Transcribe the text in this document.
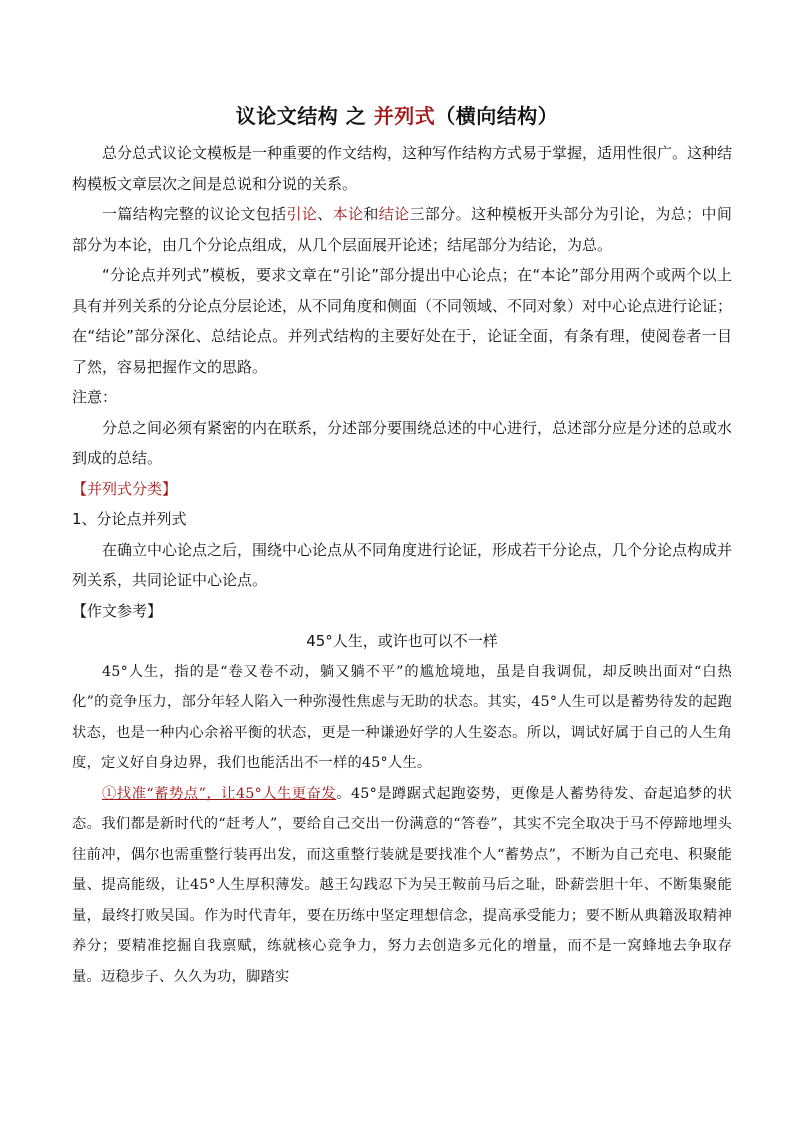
议论文结构 之 并列式（横向结构）

总分总式议论文模板是一种重要的作文结构，这种写作结构方式易于掌握，适用性很广。这种结构模板文章层次之间是总说和分说的关系。

一篇结构完整的议论文包括引论、本论和结论三部分。这种模板开头部分为引论，为总；中间部分为本论，由几个分论点组成，从几个层面展开论述；结尾部分为结论，为总。

“分论点并列式”模板，要求文章在“引论”部分提出中心论点；在“本论”部分用两个或两个以上具有并列关系的分论点分层论述，从不同角度和侧面（不同领域、不同对象）对中心论点进行论证；在“结论”部分深化、总结论点。并列式结构的主要好处在于，论证全面，有条有理，使阅卷者一目了然，容易把握作文的思路。

注意：

分总之间必须有紧密的内在联系，分述部分要围绕总述的中心进行，总述部分应是分述的总或水到成的总结。

【并列式分类】

1、分论点并列式

在确立中心论点之后，围绕中心论点从不同角度进行论证，形成若干分论点，几个分论点构成并列关系，共同论证中心论点。

【作文参考】

45°人生，或许也可以不一样

45°人生，指的是“卷又卷不动，躺又躺不平”的尴尬境地，虽是自我调侃，却反映出面对“白热化”的竞争压力，部分年轻人陷入一种弥漫性焦虑与无助的状态。其实，45°人生可以是蓄势待发的起跑状态，也是一种内心余裕平衡的状态，更是一种谦逊好学的人生姿态。所以，调试好属于自己的人生角度，定义好自身边界，我们也能活出不一样的45°人生。

①找准“蓄势点”，让45°人生更奋发。45°是蹲踞式起跑姿势，更像是人蓄势待发、奋起追梦的状态。我们都是新时代的“赶考人”，要给自己交出一份满意的“答卷”，其实不完全取决于马不停蹄地埋头往前冲，偶尔也需重整行装再出发，而这重整行装就是要找准个人“蓄势点”，不断为自己充电、积聚能量、提高能级，让45°人生厚积薄发。越王勾践忍下为吴王鞍前马后之耻，卧薪尝胆十年、不断集聚能量，最终打败吴国。作为时代青年，要在历练中坚定理想信念，提高承受能力；要不断从典籍汲取精神养分；要精准挖掘自我禀赋，练就核心竞争力，努力去创造多元化的增量，而不是一窝蜂地去争取存量。迈稳步子、久久为功，脚踏实
